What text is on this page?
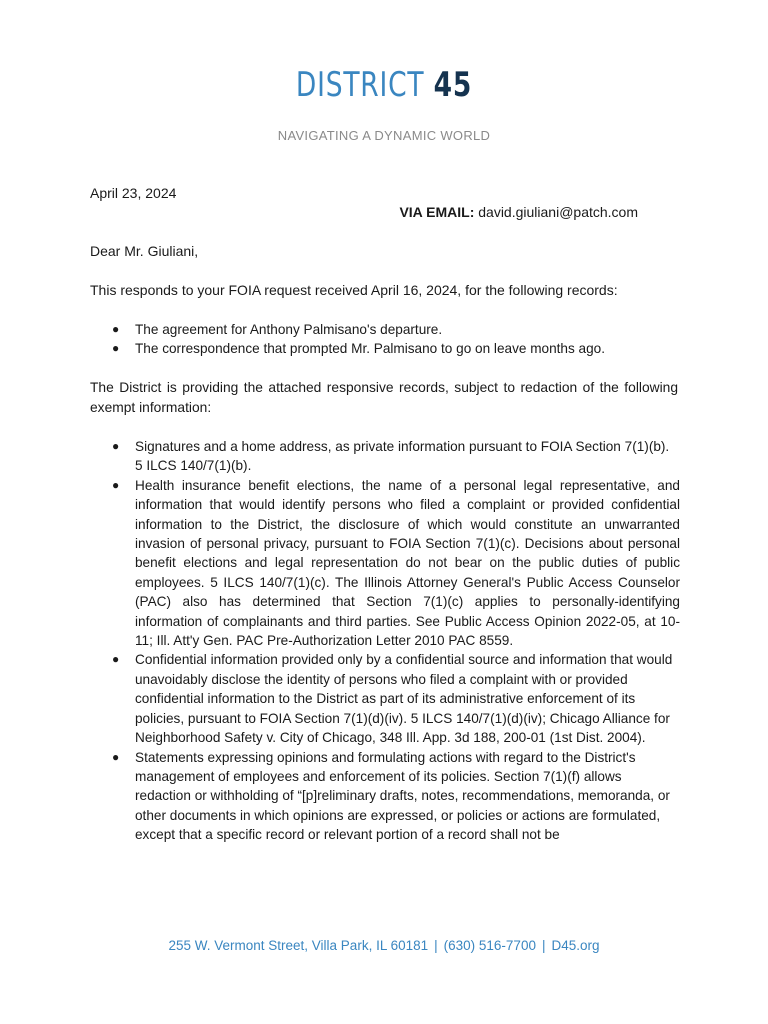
DISTRICT 45
NAVIGATING A DYNAMIC WORLD
April 23, 2024
VIA EMAIL: david.giuliani@patch.com
Dear Mr. Giuliani,
This responds to your FOIA request received April 16, 2024, for the following records:
● The agreement for Anthony Palmisano's departure.
● The correspondence that prompted Mr. Palmisano to go on leave months ago.
The District is providing the attached responsive records, subject to redaction of the following exempt information:
● Signatures and a home address, as private information pursuant to FOIA Section 7(1)(b). 5 ILCS 140/7(1)(b).
● Health insurance benefit elections, the name of a personal legal representative, and information that would identify persons who filed a complaint or provided confidential information to the District, the disclosure of which would constitute an unwarranted invasion of personal privacy, pursuant to FOIA Section 7(1)(c). Decisions about personal benefit elections and legal representation do not bear on the public duties of public employees. 5 ILCS 140/7(1)(c). The Illinois Attorney General's Public Access Counselor (PAC) also has determined that Section 7(1)(c) applies to personally-identifying information of complainants and third parties. See Public Access Opinion 2022-05, at 10-11; Ill. Att'y Gen. PAC Pre-Authorization Letter 2010 PAC 8559.
● Confidential information provided only by a confidential source and information that would unavoidably disclose the identity of persons who filed a complaint with or provided confidential information to the District as part of its administrative enforcement of its policies, pursuant to FOIA Section 7(1)(d)(iv). 5 ILCS 140/7(1)(d)(iv); Chicago Alliance for Neighborhood Safety v. City of Chicago, 348 Ill. App. 3d 188, 200-01 (1st Dist. 2004).
● Statements expressing opinions and formulating actions with regard to the District's management of employees and enforcement of its policies. Section 7(1)(f) allows redaction or withholding of “[p]reliminary drafts, notes, recommendations, memoranda, or other documents in which opinions are expressed, or policies or actions are formulated, except that a specific record or relevant portion of a record shall not be
255 W. Vermont Street, Villa Park, IL 60181 | (630) 516-7700 | D45.org
